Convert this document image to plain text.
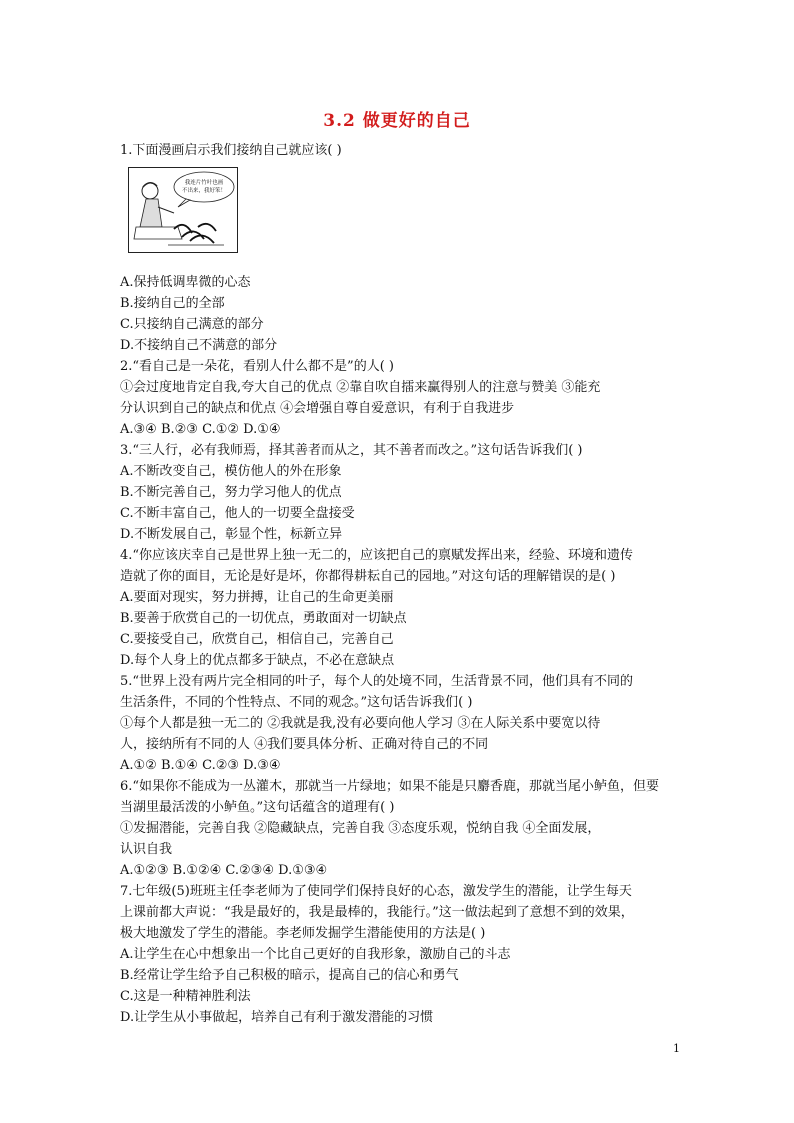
3.2 做更好的自己
1.下面漫画启示我们接纳自己就应该( )
我连片竹叶也画
不出来，我好笨！
A.保持低调卑微的心态
B.接纳自己的全部
C.只接纳自己满意的部分
D.不接纳自己不满意的部分
2.“看自己是一朵花，看别人什么都不是”的人( )
①会过度地肯定自我,夸大自己的优点 ②靠自吹自擂来赢得别人的注意与赞美 ③能充
分认识到自己的缺点和优点 ④会增强自尊自爱意识，有利于自我进步
A.③④ B.②③ C.①② D.①④
3.“三人行，必有我师焉，择其善者而从之，其不善者而改之。”这句话告诉我们( )
A.不断改变自己，模仿他人的外在形象
B.不断完善自己，努力学习他人的优点
C.不断丰富自己，他人的一切要全盘接受
D.不断发展自己，彰显个性，标新立异
4.“你应该庆幸自己是世界上独一无二的，应该把自己的禀赋发挥出来，经验、环境和遗传
造就了你的面目，无论是好是坏，你都得耕耘自己的园地。”对这句话的理解错误的是( )
A.要面对现实，努力拼搏，让自己的生命更美丽
B.要善于欣赏自己的一切优点，勇敢面对一切缺点
C.要接受自己，欣赏自己，相信自己，完善自己
D.每个人身上的优点都多于缺点，不必在意缺点
5.“世界上没有两片完全相同的叶子，每个人的处境不同，生活背景不同，他们具有不同的
生活条件，不同的个性特点、不同的观念。”这句话告诉我们( )
①每个人都是独一无二的 ②我就是我,没有必要向他人学习 ③在人际关系中要宽以待
人，接纳所有不同的人 ④我们要具体分析、正确对待自己的不同
A.①② B.①④ C.②③ D.③④
6.“如果你不能成为一丛灌木，那就当一片绿地；如果不能是只麝香鹿，那就当尾小鲈鱼，但要
当湖里最活泼的小鲈鱼。”这句话蕴含的道理有( )
①发掘潜能，完善自我 ②隐藏缺点，完善自我 ③态度乐观，悦纳自我 ④全面发展，
认识自我
A.①②③ B.①②④ C.②③④ D.①③④
7.七年级(5)班班主任李老师为了使同学们保持良好的心态，激发学生的潜能，让学生每天
上课前都大声说：“我是最好的，我是最棒的，我能行。”这一做法起到了意想不到的效果，
极大地激发了学生的潜能。李老师发掘学生潜能使用的方法是( )
A.让学生在心中想象出一个比自己更好的自我形象，激励自己的斗志
B.经常让学生给予自己积极的暗示，提高自己的信心和勇气
C.这是一种精神胜利法
D.让学生从小事做起，培养自己有利于激发潜能的习惯
1
